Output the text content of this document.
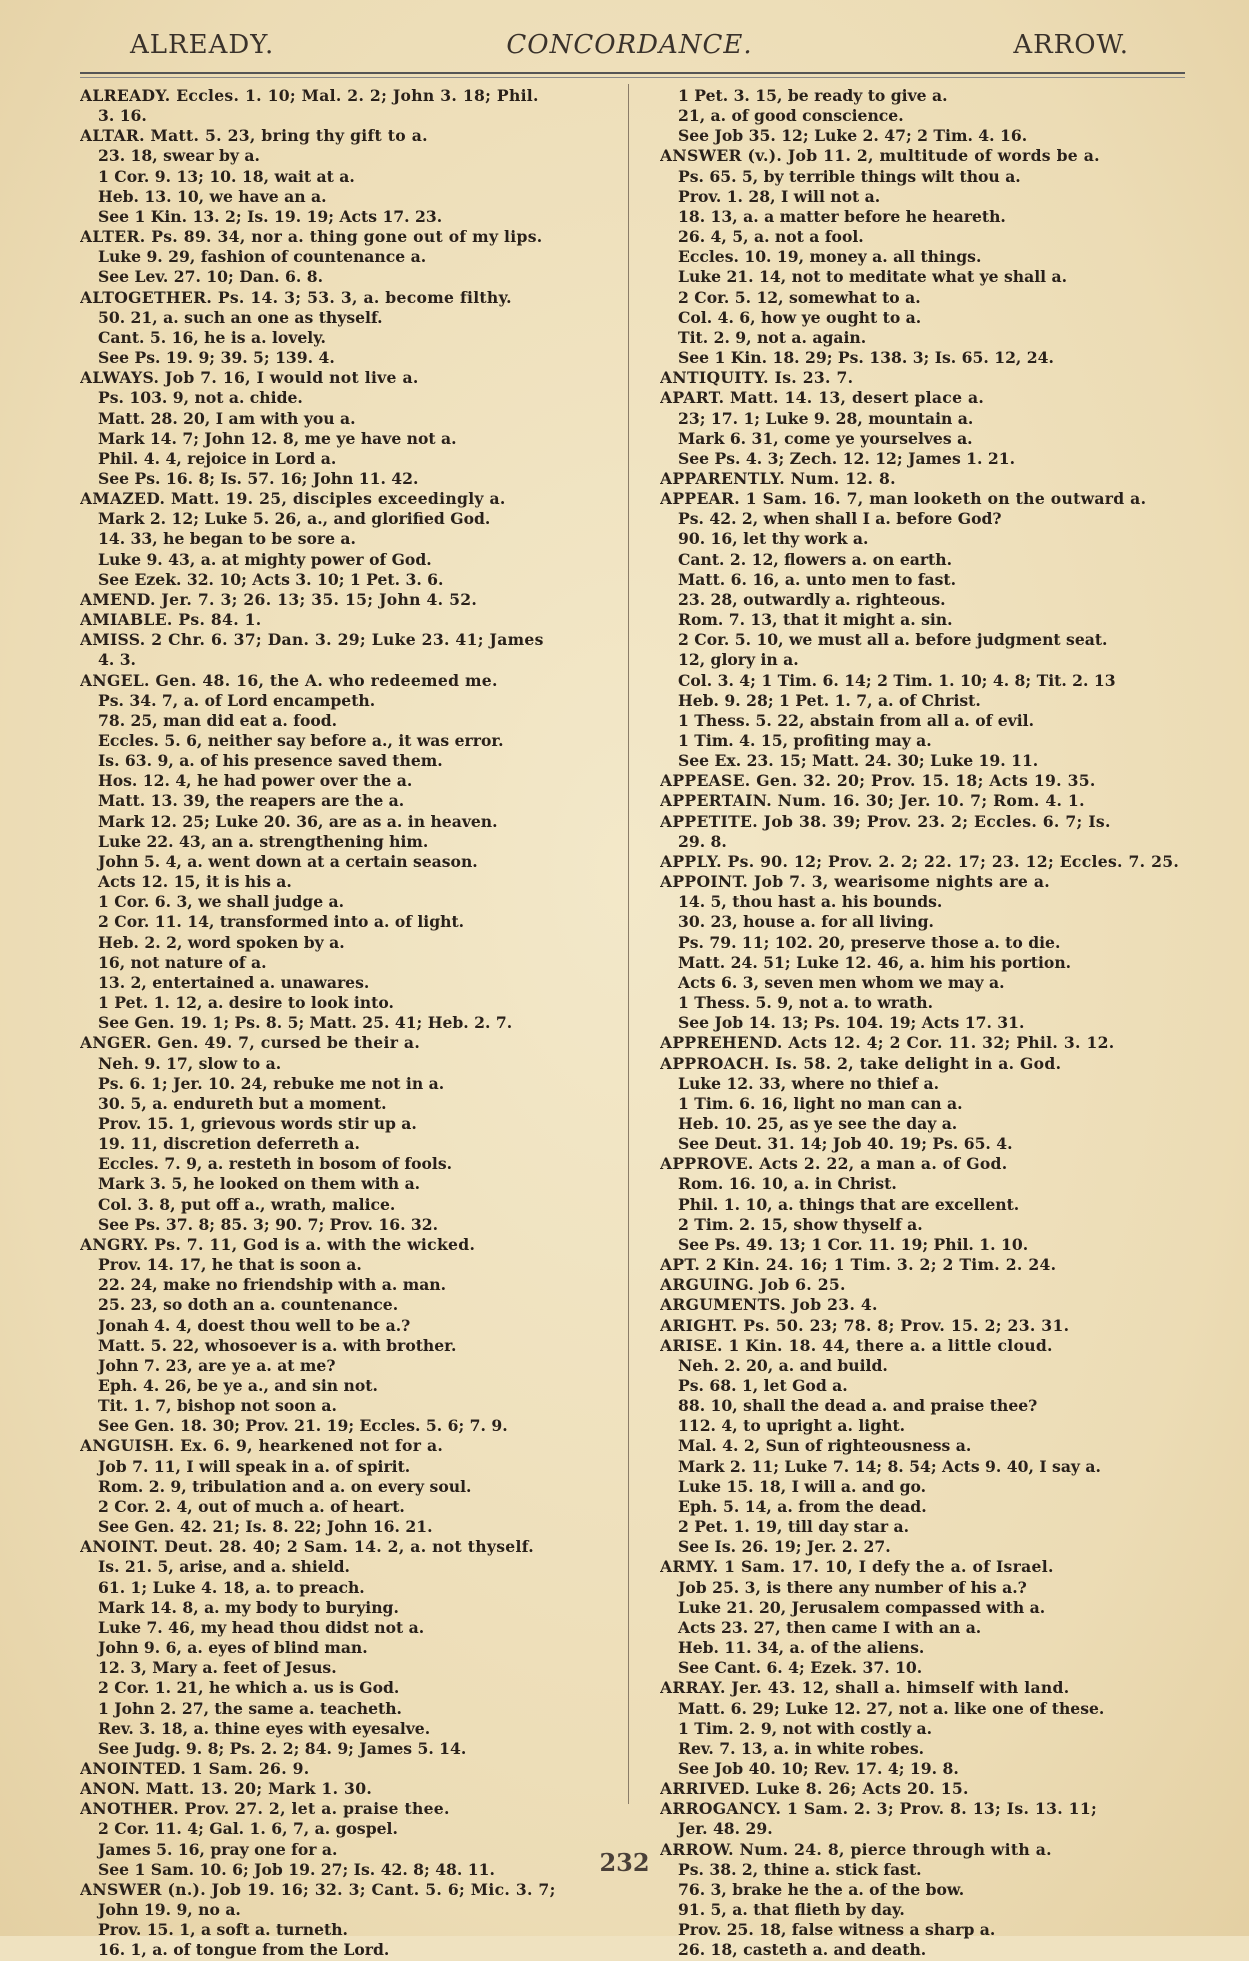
ALREADY.	CONCORDANCE.	ARROW.
ALREADY. Eccles. 1. 10; Mal. 2. 2; John 3. 18; Phil.
3. 16.
ALTAR. Matt. 5. 23, bring thy gift to a.
23. 18, swear by a.
1 Cor. 9. 13; 10. 18, wait at a.
Heb. 13. 10, we have an a.
See 1 Kin. 13. 2; Is. 19. 19; Acts 17. 23.
ALTER. Ps. 89. 34, nor a. thing gone out of my lips.
Luke 9. 29, fashion of countenance a.
See Lev. 27. 10; Dan. 6. 8.
ALTOGETHER. Ps. 14. 3; 53. 3, a. become filthy.
50. 21, a. such an one as thyself.
Cant. 5. 16, he is a. lovely.
See Ps. 19. 9; 39. 5; 139. 4.
ALWAYS. Job 7. 16, I would not live a.
Ps. 103. 9, not a. chide.
Matt. 28. 20, I am with you a.
Mark 14. 7; John 12. 8, me ye have not a.
Phil. 4. 4, rejoice in Lord a.
See Ps. 16. 8; Is. 57. 16; John 11. 42.
AMAZED. Matt. 19. 25, disciples exceedingly a.
Mark 2. 12; Luke 5. 26, a., and glorified God.
14. 33, he began to be sore a.
Luke 9. 43, a. at mighty power of God.
See Ezek. 32. 10; Acts 3. 10; 1 Pet. 3. 6.
AMEND. Jer. 7. 3; 26. 13; 35. 15; John 4. 52.
AMIABLE. Ps. 84. 1.
AMISS. 2 Chr. 6. 37; Dan. 3. 29; Luke 23. 41; James
4. 3.
ANGEL. Gen. 48. 16, the A. who redeemed me.
Ps. 34. 7, a. of Lord encampeth.
78. 25, man did eat a. food.
Eccles. 5. 6, neither say before a., it was error.
Is. 63. 9, a. of his presence saved them.
Hos. 12. 4, he had power over the a.
Matt. 13. 39, the reapers are the a.
Mark 12. 25; Luke 20. 36, are as a. in heaven.
Luke 22. 43, an a. strengthening him.
John 5. 4, a. went down at a certain season.
Acts 12. 15, it is his a.
1 Cor. 6. 3, we shall judge a.
2 Cor. 11. 14, transformed into a. of light.
Heb. 2. 2, word spoken by a.
16, not nature of a.
13. 2, entertained a. unawares.
1 Pet. 1. 12, a. desire to look into.
See Gen. 19. 1; Ps. 8. 5; Matt. 25. 41; Heb. 2. 7.
ANGER. Gen. 49. 7, cursed be their a.
Neh. 9. 17, slow to a.
Ps. 6. 1; Jer. 10. 24, rebuke me not in a.
30. 5, a. endureth but a moment.
Prov. 15. 1, grievous words stir up a.
19. 11, discretion deferreth a.
Eccles. 7. 9, a. resteth in bosom of fools.
Mark 3. 5, he looked on them with a.
Col. 3. 8, put off a., wrath, malice.
See Ps. 37. 8; 85. 3; 90. 7; Prov. 16. 32.
ANGRY. Ps. 7. 11, God is a. with the wicked.
Prov. 14. 17, he that is soon a.
22. 24, make no friendship with a. man.
25. 23, so doth an a. countenance.
Jonah 4. 4, doest thou well to be a.?
Matt. 5. 22, whosoever is a. with brother.
John 7. 23, are ye a. at me?
Eph. 4. 26, be ye a., and sin not.
Tit. 1. 7, bishop not soon a.
See Gen. 18. 30; Prov. 21. 19; Eccles. 5. 6; 7. 9.
ANGUISH. Ex. 6. 9, hearkened not for a.
Job 7. 11, I will speak in a. of spirit.
Rom. 2. 9, tribulation and a. on every soul.
2 Cor. 2. 4, out of much a. of heart.
See Gen. 42. 21; Is. 8. 22; John 16. 21.
ANOINT. Deut. 28. 40; 2 Sam. 14. 2, a. not thyself.
Is. 21. 5, arise, and a. shield.
61. 1; Luke 4. 18, a. to preach.
Mark 14. 8, a. my body to burying.
Luke 7. 46, my head thou didst not a.
John 9. 6, a. eyes of blind man.
12. 3, Mary a. feet of Jesus.
2 Cor. 1. 21, he which a. us is God.
1 John 2. 27, the same a. teacheth.
Rev. 3. 18, a. thine eyes with eyesalve.
See Judg. 9. 8; Ps. 2. 2; 84. 9; James 5. 14.
ANOINTED. 1 Sam. 26. 9.
ANON. Matt. 13. 20; Mark 1. 30.
ANOTHER. Prov. 27. 2, let a. praise thee.
2 Cor. 11. 4; Gal. 1. 6, 7, a. gospel.
James 5. 16, pray one for a.
See 1 Sam. 10. 6; Job 19. 27; Is. 42. 8; 48. 11.
ANSWER (n.). Job 19. 16; 32. 3; Cant. 5. 6; Mic. 3. 7;
John 19. 9, no a.
Prov. 15. 1, a soft a. turneth.
16. 1, a. of tongue from the Lord.
1 Pet. 3. 15, be ready to give a.
21, a. of good conscience.
See Job 35. 12; Luke 2. 47; 2 Tim. 4. 16.
ANSWER (v.). Job 11. 2, multitude of words be a.
Ps. 65. 5, by terrible things wilt thou a.
Prov. 1. 28, I will not a.
18. 13, a. a matter before he heareth.
26. 4, 5, a. not a fool.
Eccles. 10. 19, money a. all things.
Luke 21. 14, not to meditate what ye shall a.
2 Cor. 5. 12, somewhat to a.
Col. 4. 6, how ye ought to a.
Tit. 2. 9, not a. again.
See 1 Kin. 18. 29; Ps. 138. 3; Is. 65. 12, 24.
ANTIQUITY. Is. 23. 7.
APART. Matt. 14. 13, desert place a.
23; 17. 1; Luke 9. 28, mountain a.
Mark 6. 31, come ye yourselves a.
See Ps. 4. 3; Zech. 12. 12; James 1. 21.
APPARENTLY. Num. 12. 8.
APPEAR. 1 Sam. 16. 7, man looketh on the outward a.
Ps. 42. 2, when shall I a. before God?
90. 16, let thy work a.
Cant. 2. 12, flowers a. on earth.
Matt. 6. 16, a. unto men to fast.
23. 28, outwardly a. righteous.
Rom. 7. 13, that it might a. sin.
2 Cor. 5. 10, we must all a. before judgment seat.
12, glory in a.
Col. 3. 4; 1 Tim. 6. 14; 2 Tim. 1. 10; 4. 8; Tit. 2. 13
Heb. 9. 28; 1 Pet. 1. 7, a. of Christ.
1 Thess. 5. 22, abstain from all a. of evil.
1 Tim. 4. 15, profiting may a.
See Ex. 23. 15; Matt. 24. 30; Luke 19. 11.
APPEASE. Gen. 32. 20; Prov. 15. 18; Acts 19. 35.
APPERTAIN. Num. 16. 30; Jer. 10. 7; Rom. 4. 1.
APPETITE. Job 38. 39; Prov. 23. 2; Eccles. 6. 7; Is.
29. 8.
APPLY. Ps. 90. 12; Prov. 2. 2; 22. 17; 23. 12; Eccles. 7. 25.
APPOINT. Job 7. 3, wearisome nights are a.
14. 5, thou hast a. his bounds.
30. 23, house a. for all living.
Ps. 79. 11; 102. 20, preserve those a. to die.
Matt. 24. 51; Luke 12. 46, a. him his portion.
Acts 6. 3, seven men whom we may a.
1 Thess. 5. 9, not a. to wrath.
See Job 14. 13; Ps. 104. 19; Acts 17. 31.
APPREHEND. Acts 12. 4; 2 Cor. 11. 32; Phil. 3. 12.
APPROACH. Is. 58. 2, take delight in a. God.
Luke 12. 33, where no thief a.
1 Tim. 6. 16, light no man can a.
Heb. 10. 25, as ye see the day a.
See Deut. 31. 14; Job 40. 19; Ps. 65. 4.
APPROVE. Acts 2. 22, a man a. of God.
Rom. 16. 10, a. in Christ.
Phil. 1. 10, a. things that are excellent.
2 Tim. 2. 15, show thyself a.
See Ps. 49. 13; 1 Cor. 11. 19; Phil. 1. 10.
APT. 2 Kin. 24. 16; 1 Tim. 3. 2; 2 Tim. 2. 24.
ARGUING. Job 6. 25.
ARGUMENTS. Job 23. 4.
ARIGHT. Ps. 50. 23; 78. 8; Prov. 15. 2; 23. 31.
ARISE. 1 Kin. 18. 44, there a. a little cloud.
Neh. 2. 20, a. and build.
Ps. 68. 1, let God a.
88. 10, shall the dead a. and praise thee?
112. 4, to upright a. light.
Mal. 4. 2, Sun of righteousness a.
Mark 2. 11; Luke 7. 14; 8. 54; Acts 9. 40, I say a.
Luke 15. 18, I will a. and go.
Eph. 5. 14, a. from the dead.
2 Pet. 1. 19, till day star a.
See Is. 26. 19; Jer. 2. 27.
ARMY. 1 Sam. 17. 10, I defy the a. of Israel.
Job 25. 3, is there any number of his a.?
Luke 21. 20, Jerusalem compassed with a.
Acts 23. 27, then came I with an a.
Heb. 11. 34, a. of the aliens.
See Cant. 6. 4; Ezek. 37. 10.
ARRAY. Jer. 43. 12, shall a. himself with land.
Matt. 6. 29; Luke 12. 27, not a. like one of these.
1 Tim. 2. 9, not with costly a.
Rev. 7. 13, a. in white robes.
See Job 40. 10; Rev. 17. 4; 19. 8.
ARRIVED. Luke 8. 26; Acts 20. 15.
ARROGANCY. 1 Sam. 2. 3; Prov. 8. 13; Is. 13. 11;
Jer. 48. 29.
ARROW. Num. 24. 8, pierce through with a.
Ps. 38. 2, thine a. stick fast.
76. 3, brake he the a. of the bow.
91. 5, a. that flieth by day.
Prov. 25. 18, false witness a sharp a.
26. 18, casteth a. and death.
232
